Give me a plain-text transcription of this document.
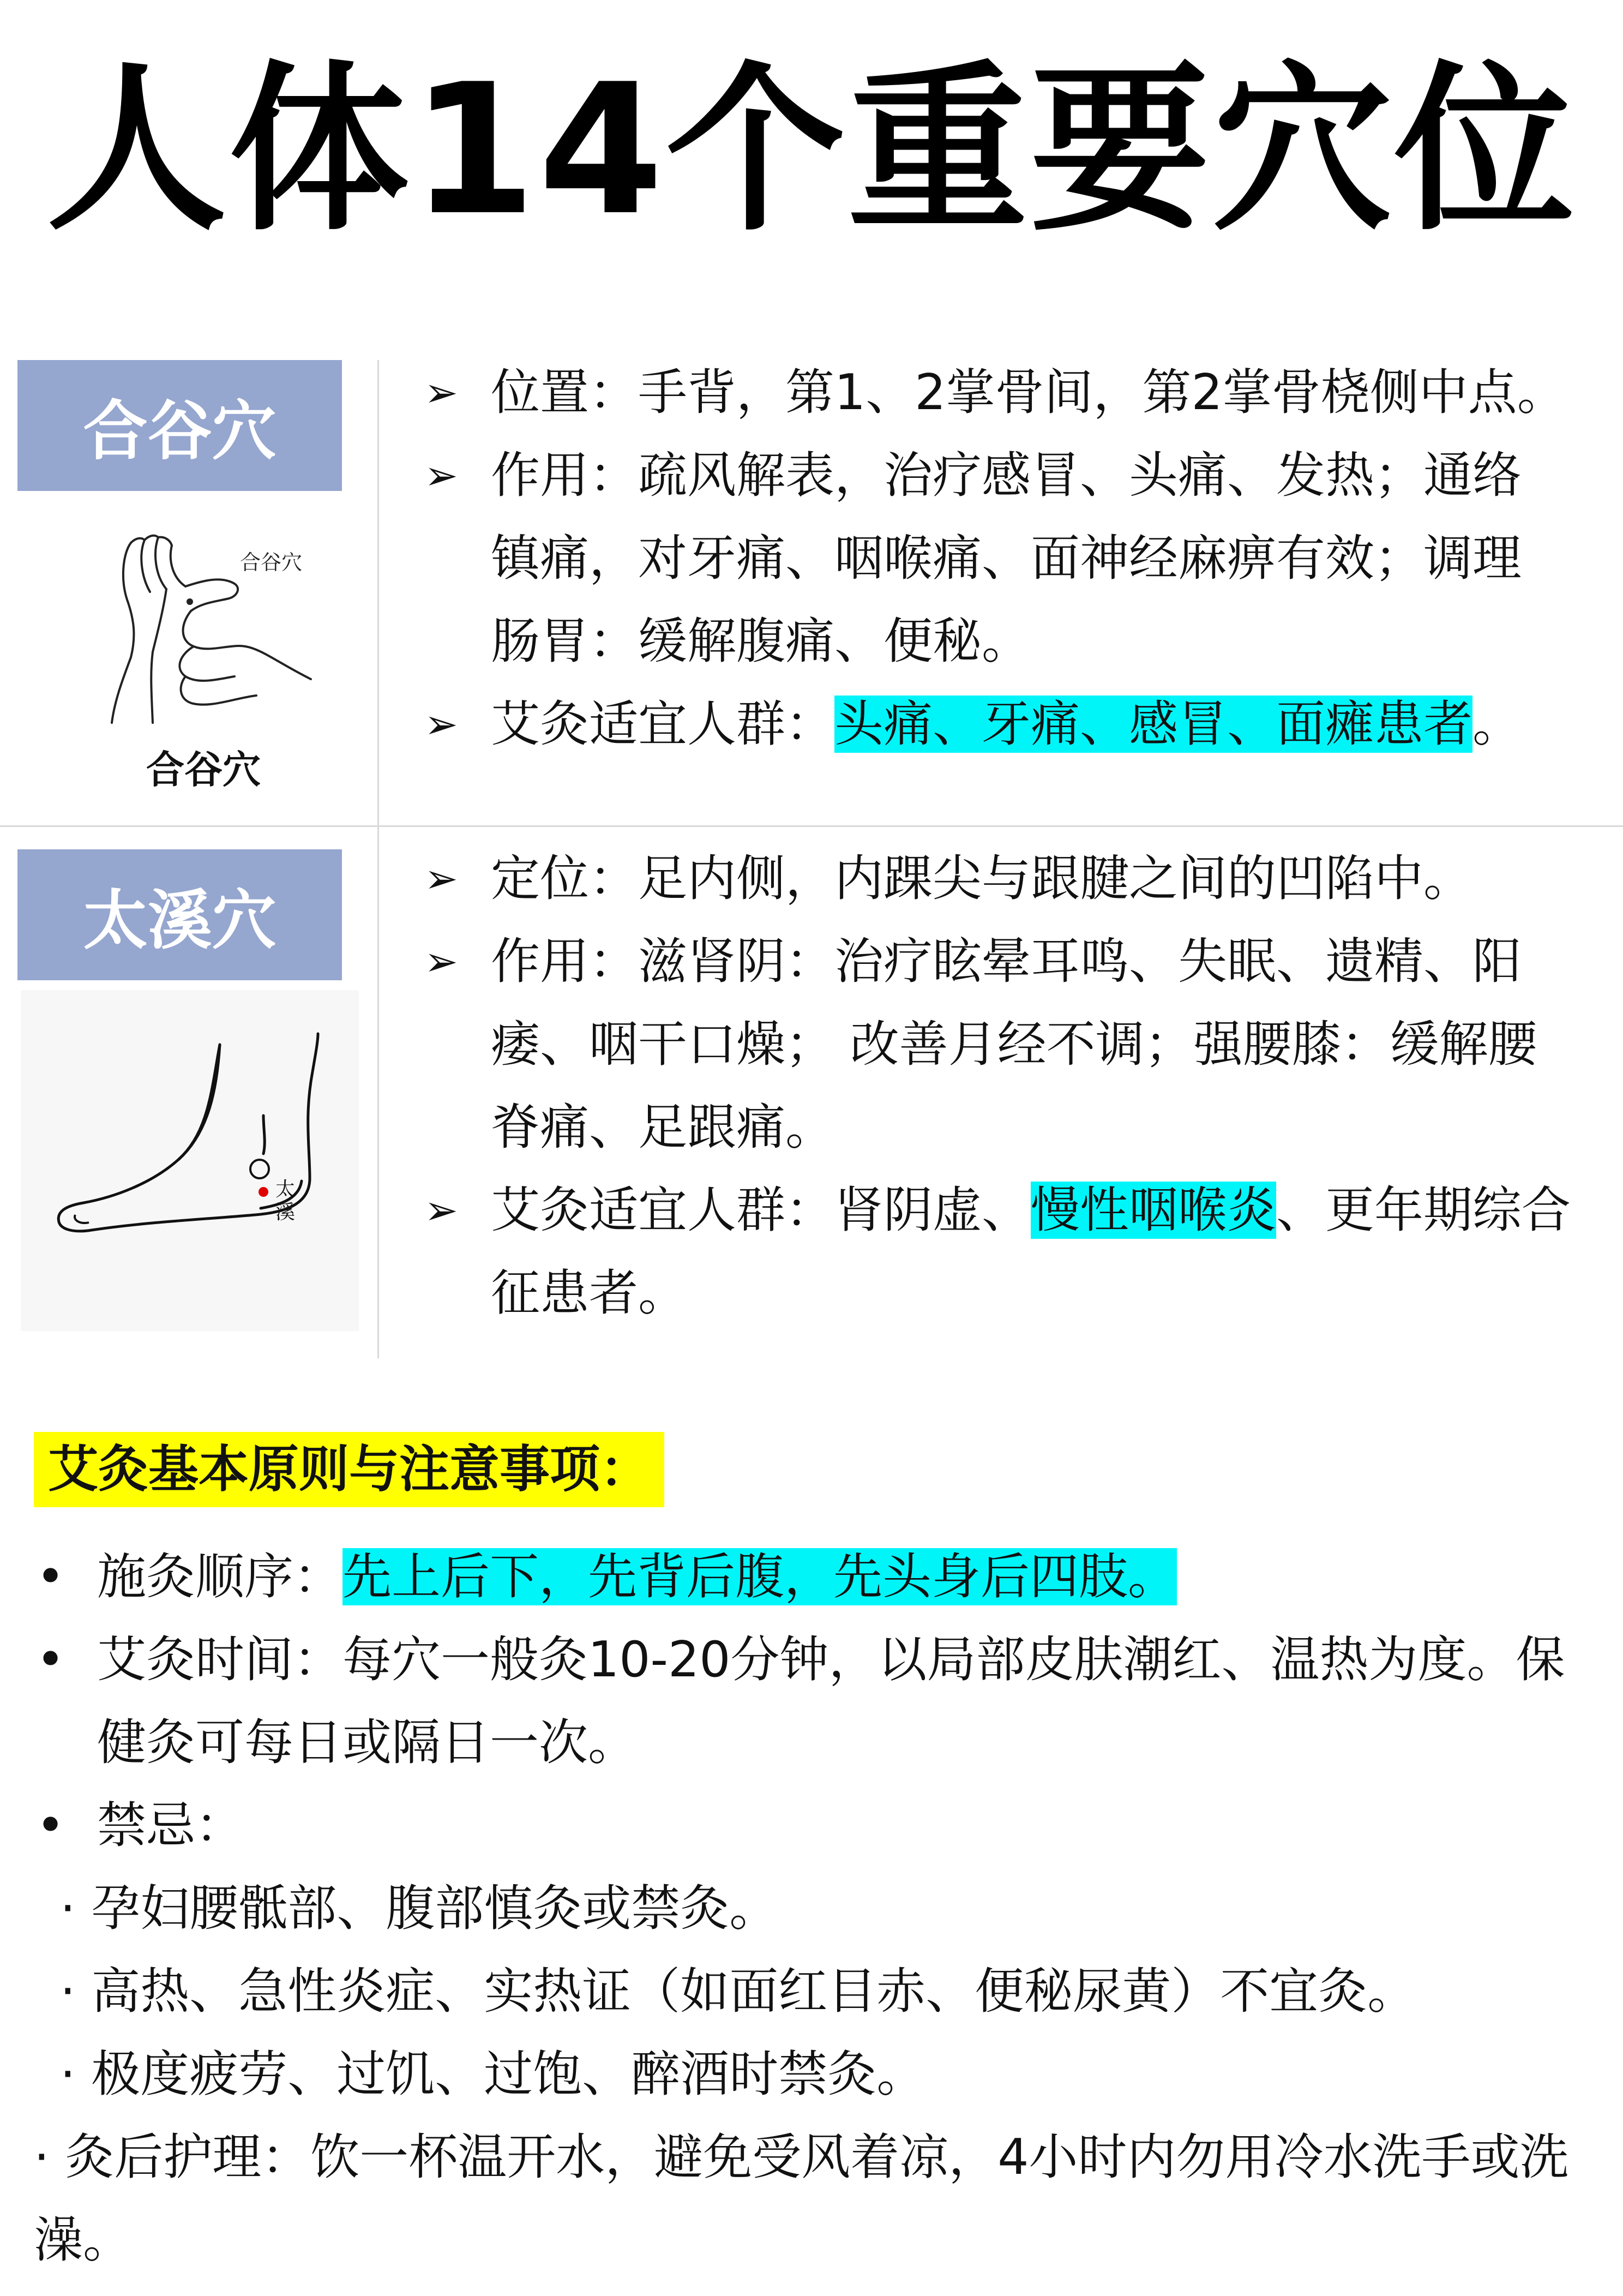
人体14个重要穴位
合谷穴
合谷穴
合谷穴
➢ 位置：手背，第1、2掌骨间，第2掌骨桡侧中点。
➢ 作用：疏风解表，治疗感冒、头痛、发热；通络
镇痛，对牙痛、咽喉痛、面神经麻痹有效；调理
肠胃：缓解腹痛、便秘。
➢ 艾灸适宜人群：头痛、牙痛、感冒、面瘫患者。
太溪穴
太溪
➢ 定位：足内侧，内踝尖与跟腱之间的凹陷中。
➢ 作用：滋肾阴：治疗眩晕耳鸣、失眠、遗精、阳
痿、咽干口燥； 改善月经不调；强腰膝：缓解腰
脊痛、足跟痛。
➢ 艾灸适宜人群：肾阴虚、慢性咽喉炎、更年期综合
征患者。
艾灸基本原则与注意事项：
• 施灸顺序：先上后下，先背后腹，先头身后四肢。
• 艾灸时间：每穴一般灸10-20分钟，以局部皮肤潮红、温热为度。保
健灸可每日或隔日一次。
• 禁忌：
· 孕妇腰骶部、腹部慎灸或禁灸。
· 高热、急性炎症、实热证（如面红目赤、便秘尿黄）不宜灸。
· 极度疲劳、过饥、过饱、醉酒时禁灸。
· 灸后护理：饮一杯温开水，避免受风着凉，4小时内勿用冷水洗手或洗
澡。
